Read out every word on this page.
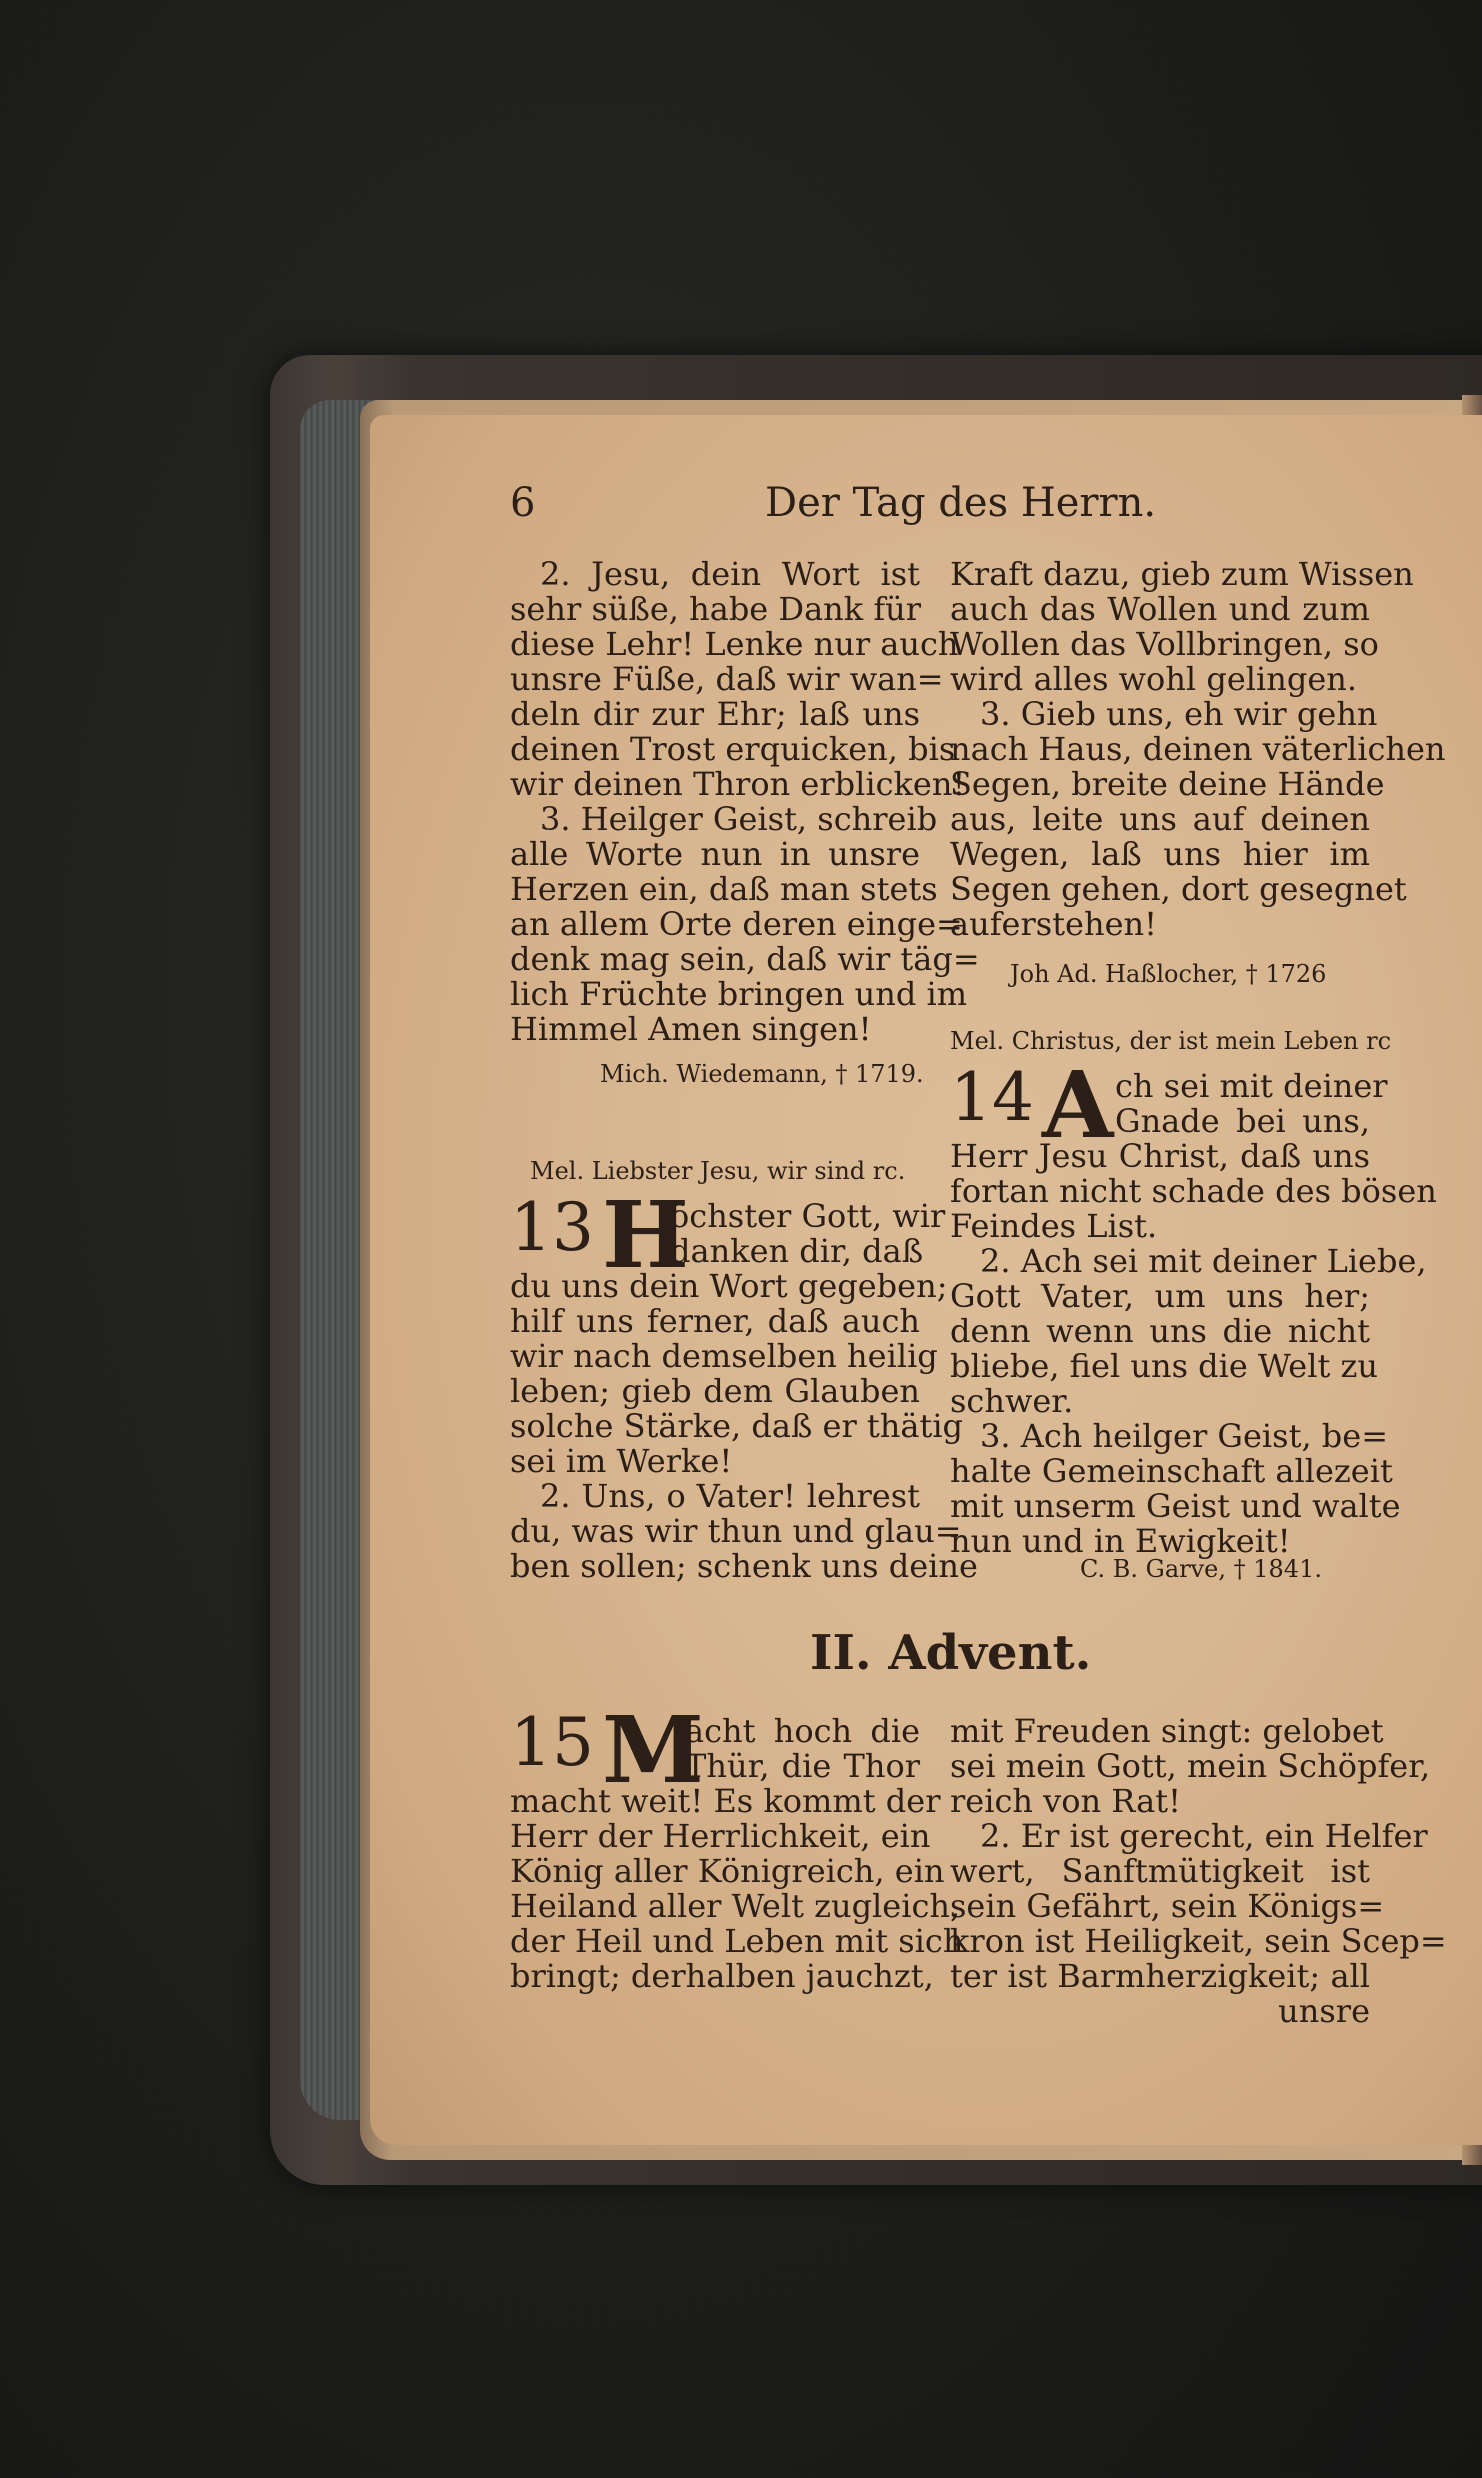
6	Der Tag des Herrn.
2. Jesu, dein Wort ist
sehr süße, habe Dank für
diese Lehr! Lenke nur auch
unsre Füße, daß wir wan=
deln dir zur Ehr; laß uns
deinen Trost erquicken, bis
wir deinen Thron erblicken!
3. Heilger Geist, schreib
alle Worte nun in unsre
Herzen ein, daß man stets
an allem Orte deren einge=
denk mag sein, daß wir täg=
lich Früchte bringen und im
Himmel Amen singen!
Mich. Wiedemann, † 1719.
Mel. Liebster Jesu, wir sind rc.
13 H
öchster Gott, wir
danken dir, daß
du uns dein Wort gegeben;
hilf uns ferner, daß auch
wir nach demselben heilig
leben; gieb dem Glauben
solche Stärke, daß er thätig
sei im Werke!
2. Uns, o Vater! lehrest
du, was wir thun und glau=
ben sollen; schenk uns deine
Kraft dazu, gieb zum Wissen
auch das Wollen und zum
Wollen das Vollbringen, so
wird alles wohl gelingen.
3. Gieb uns, eh wir gehn
nach Haus, deinen väterlichen
Segen, breite deine Hände
aus, leite uns auf deinen
Wegen, laß uns hier im
Segen gehen, dort gesegnet
auferstehen!
Joh Ad. Haßlocher, † 1726
Mel. Christus, der ist mein Leben rc
14 A ch sei mit deiner
Gnade bei uns,
Herr Jesu Christ, daß uns
fortan nicht schade des bösen
Feindes List.
2. Ach sei mit deiner Liebe,
Gott Vater, um uns her;
denn wenn uns die nicht
bliebe, fiel uns die Welt zu
schwer.
3. Ach heilger Geist, be=
halte Gemeinschaft allezeit
mit unserm Geist und walte
nun und in Ewigkeit!
C. B. Garve, † 1841.
II. Advent.
15 M
acht hoch die
Thür, die Thor
macht weit! Es kommt der
Herr der Herrlichkeit, ein
König aller Königreich, ein
Heiland aller Welt zugleich,
der Heil und Leben mit sich
bringt; derhalben jauchzt,
mit Freuden singt: gelobet
sei mein Gott, mein Schöpfer,
reich von Rat!
2. Er ist gerecht, ein Helfer
wert, Sanftmütigkeit ist
sein Gefährt, sein Königs=
kron ist Heiligkeit, sein Scep=
ter ist Barmherzigkeit; all
unsre
